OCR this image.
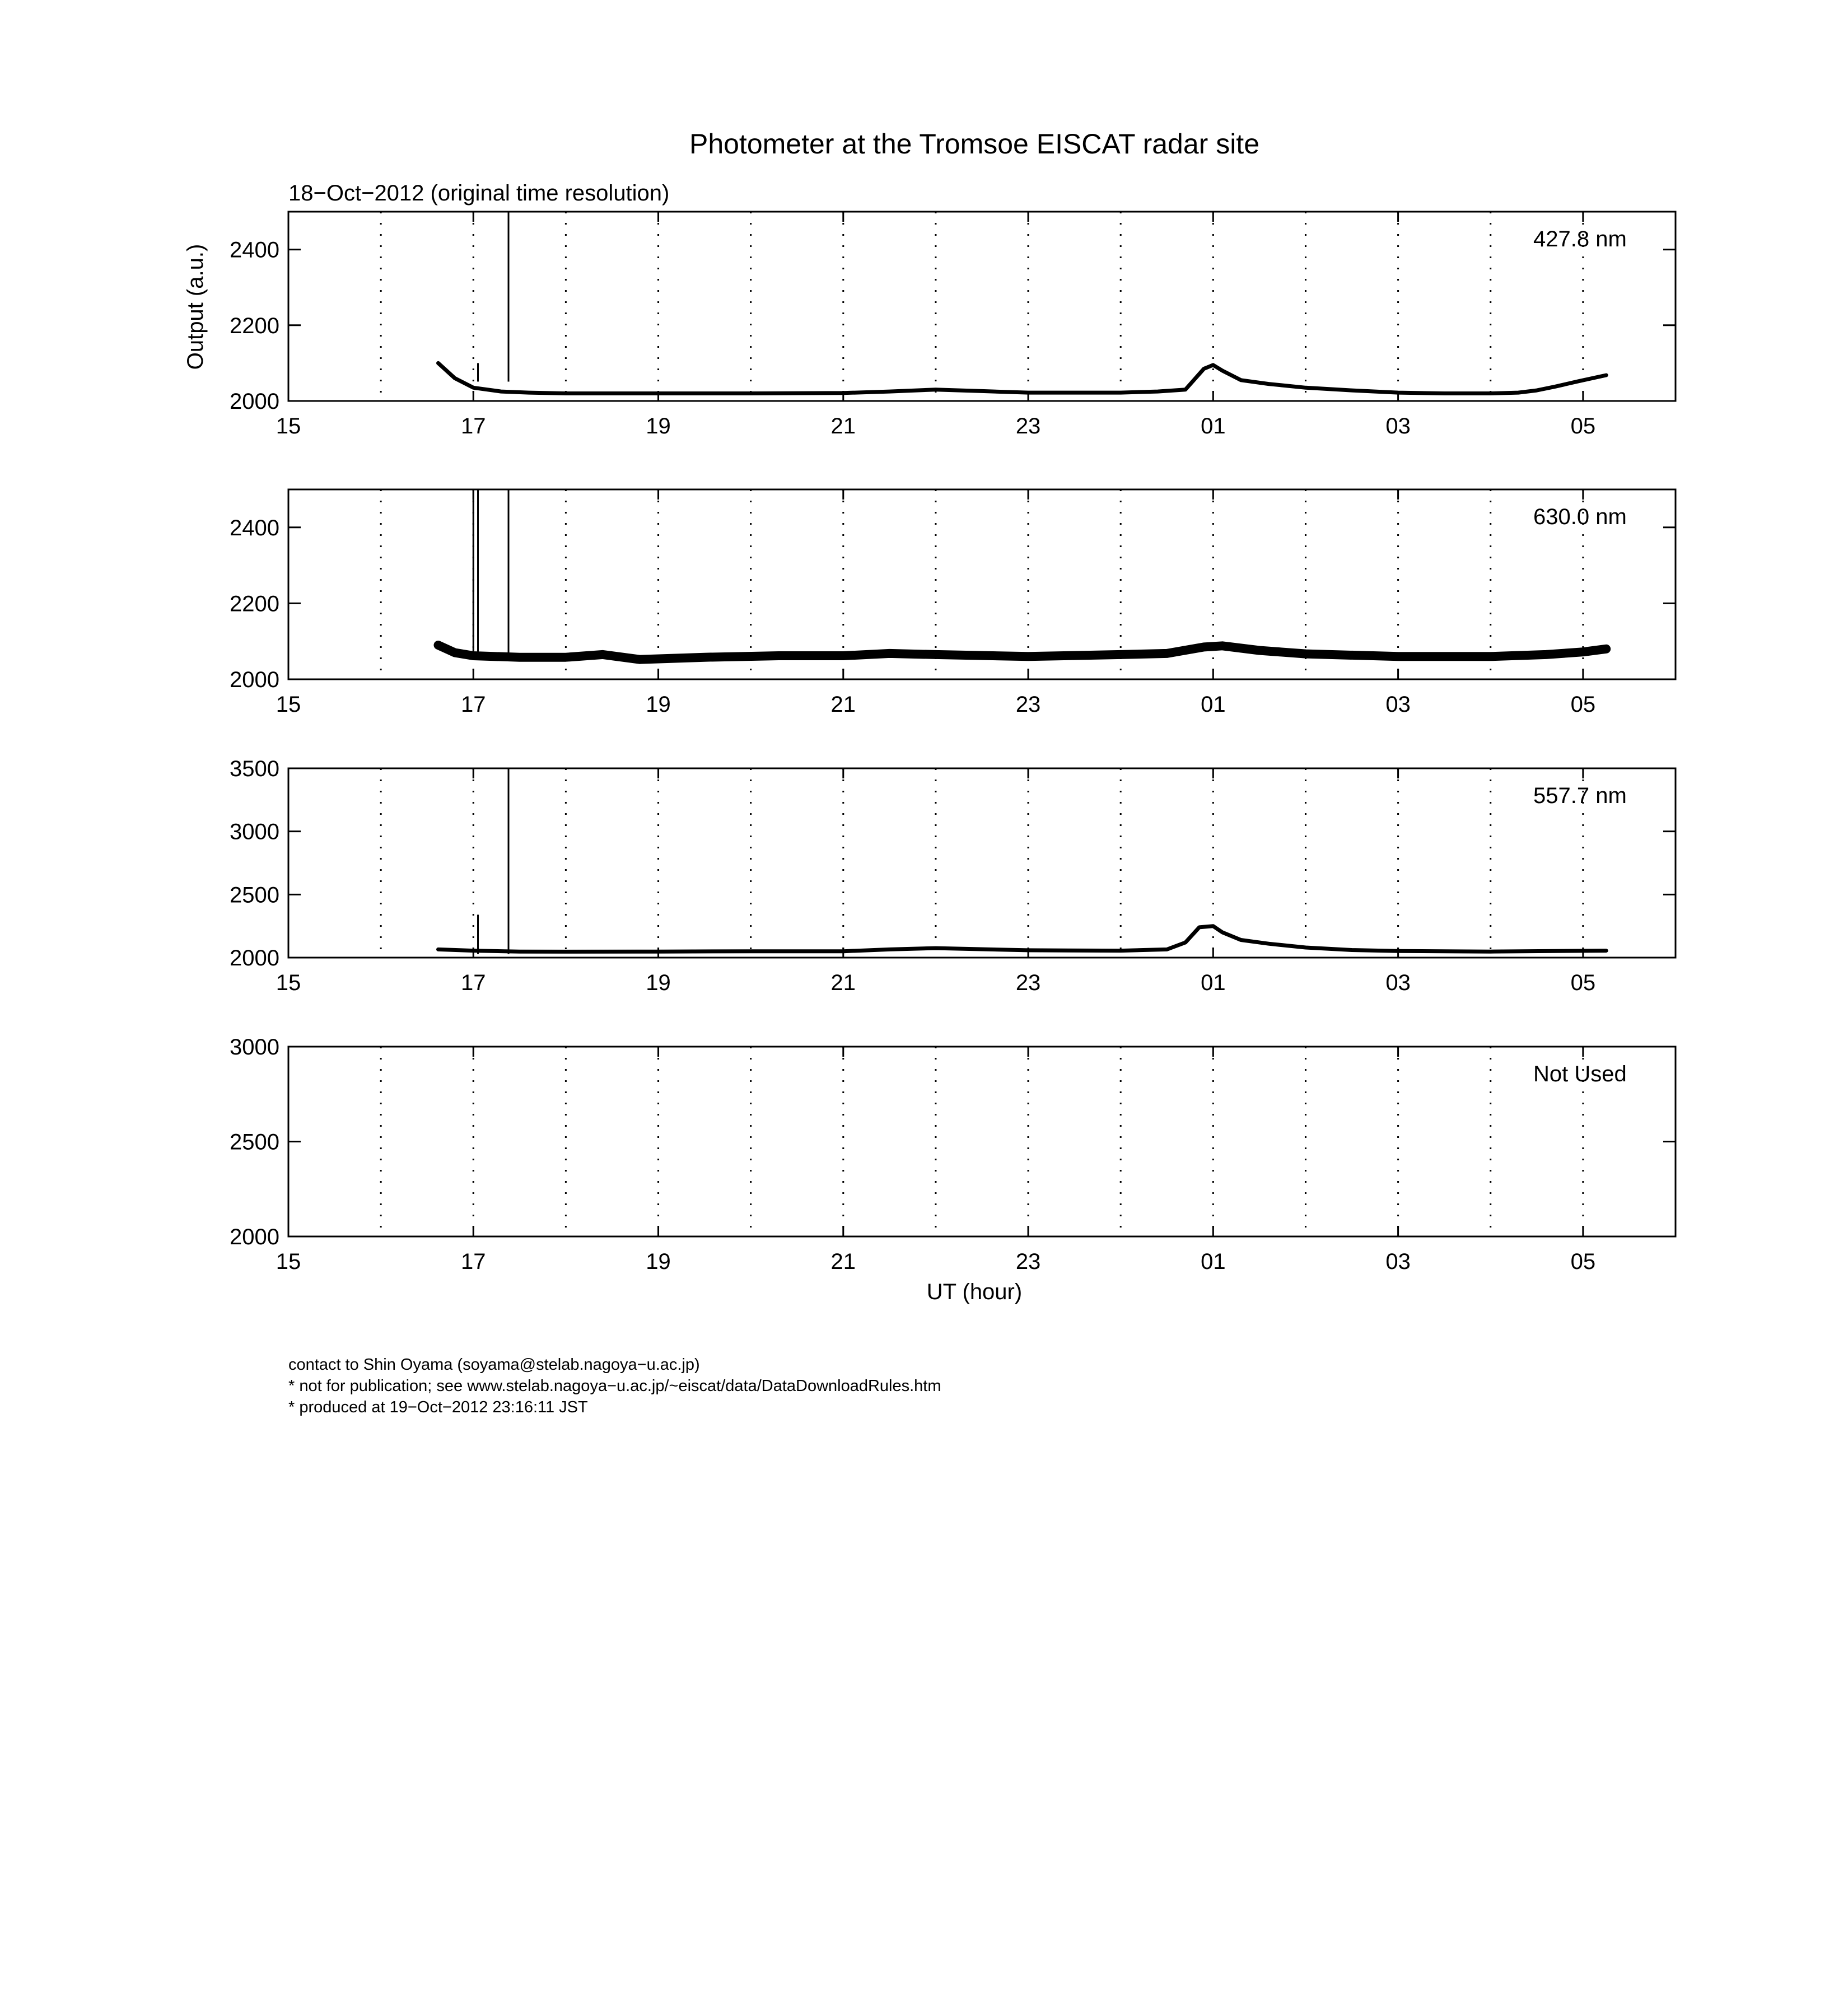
Photometer at the Tromsoe EISCAT radar site
18−Oct−2012 (original time resolution)
Output (a.u.)
UT (hour)
15	17	19	21	23	01	03	05
2000
2200
2400	427.8 nm
15	17	19	21	23	01	03	05
2000
2200
2400	630.0 nm
15	17	19	21	23	01	03	05
2000
2500
3000
3500
557.7 nm
15	17	19	21	23	01	03	05
2000
2500
3000
Not Used
contact to Shin Oyama (soyama@stelab.nagoya−u.ac.jp)
* not for publication; see www.stelab.nagoya−u.ac.jp/~eiscat/data/DataDownloadRules.htm
* produced at 19−Oct−2012 23:16:11 JST
